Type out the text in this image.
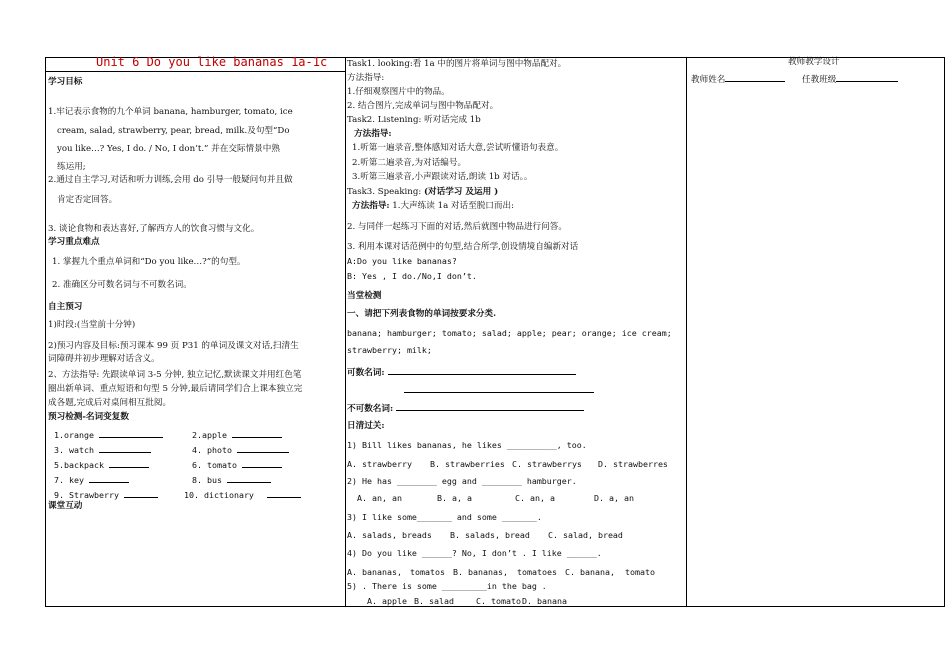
Unit 6 Do you like bananas 1a-1c
学习目标
1.牢记表示食物的九个单词 banana, hamburger, tomato, ice
cream, salad, strawberry, pear, bread, milk.及句型“Do
you like…? Yes, I do. / No, I don’t.” 并在交际情景中熟
练运用;
2.通过自主学习,对话和听力训练,会用 do 引导一般疑问句并且做
肯定否定回答。
3. 谈论食物和表达喜好,了解西方人的饮食习惯与文化。
学习重点难点
1. 掌握九个重点单词和“Do you like…?”的句型。
2. 准确区分可数名词与不可数名词。
自主预习
1)时段:(当堂前十分钟)
2)预习内容及目标:预习课本 99 页 P31 的单词及课文对话,扫清生
词障碍并初步理解对话含义。
2、方法指导: 先跟读单词 3-5 分钟, 独立记忆,默读课文并用红色笔
圈出新单词、重点短语和句型 5 分钟,最后请同学们合上课本独立完
成各题,完成后对桌间相互批阅。
预习检测-名词变复数
1.orange	2.apple
3. watch	4. photo
5.backpack	6. tomato
7. key	8. bus
9. Strawberry	10. dictionary
课堂互动
Task1. looking:看 1a 中的图片将单词与图中物品配对。
方法指导:
1.仔细观察图片中的物品。
2. 结合图片,完成单词与图中物品配对。
Task2. Listening: 听对话完成 1b
方法指导:
1.听第一遍录音,整体感知对话大意,尝试听懂语句表意。
2.听第二遍录音,为对话编号。
3.听第三遍录音,小声跟读对话,朗读 1b 对话。。
Task3. Speaking: (对话学习 及运用 )
方法指导: 1.大声练读 1a 对话至脱口而出:
2. 与同伴一起练习下面的对话,然后就图中物品进行问答。
3. 利用本课对话范例中的句型,结合所学,创设情境自编新对话
A:Do you like bananas?
B: Yes , I do./No,I don’t.
当堂检测
一、请把下列表食物的单词按要求分类.
banana; hamburger; tomato; salad; apple; pear; orange; ice cream;
strawberry; milk;
可数名词:
不可数名词:
日清过关:
1) Bill likes bananas, he likes __________, too.
A. strawberry B. strawberries C. strawberrys D. strawberres
2) He has ________ egg and ________ hamburger.
A. an, an	B. a, a	C. an, a	D. a, an
3) I like some_______ and some _______.
A. salads, breads B. salads, bread C. salad, bread
4) Do you like ______? No, I don’t . I like ______.
A. bananas, tomatos B. bananas, tomatoes C. banana, tomato
5) . There is some _________in the bag .
A. apple B. salad	C. tomato D. banana
教师教学设计
教师姓名	任教班级
